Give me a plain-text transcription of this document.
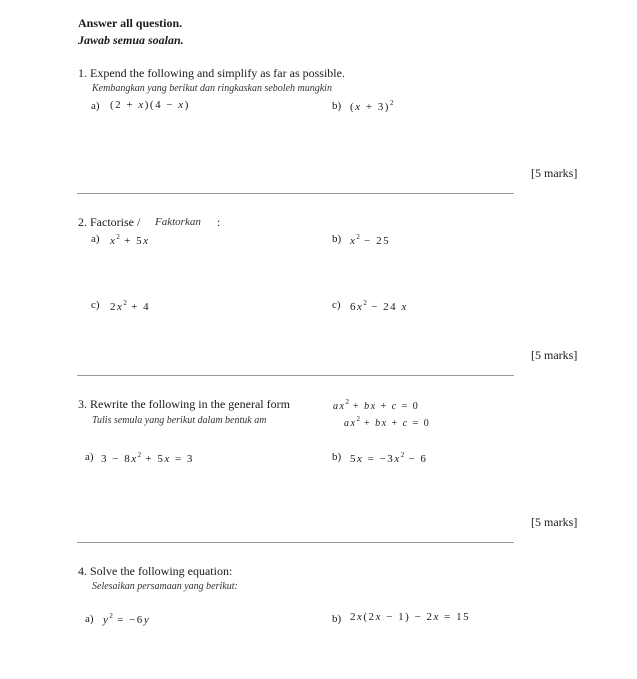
Answer all question.
Jawab semua soalan.
1. Expend the following and simplify as far as possible.
Kembangkan yang berikut dan ringkaskan seboleh mungkin
a) (2 + x)(4 − x)	b) $(x + 3)^2$
[5 marks]
2. Factorise / Faktorkan :
a) $x^2 + 5x$	b) $x^2 - 25$
c) $2x^2 + 4$	c) $6x^2 - 24$ x
[5 marks]
3. Rewrite the following in the general form	$ax^2$ + bx + c = 0
Tulis semula yang berikut dalam bentuk am	$ax^2$ + bx + c = 0
a) $3 - 8x^2 + 5x = 3$	b) $5x = -3x^2 - 6$
[5 marks]
4. Solve the following equation:
Selesaikan persamaan yang berikut:
a) $y^2 = -6y$	b) 2x(2x − 1) − 2x = 15
